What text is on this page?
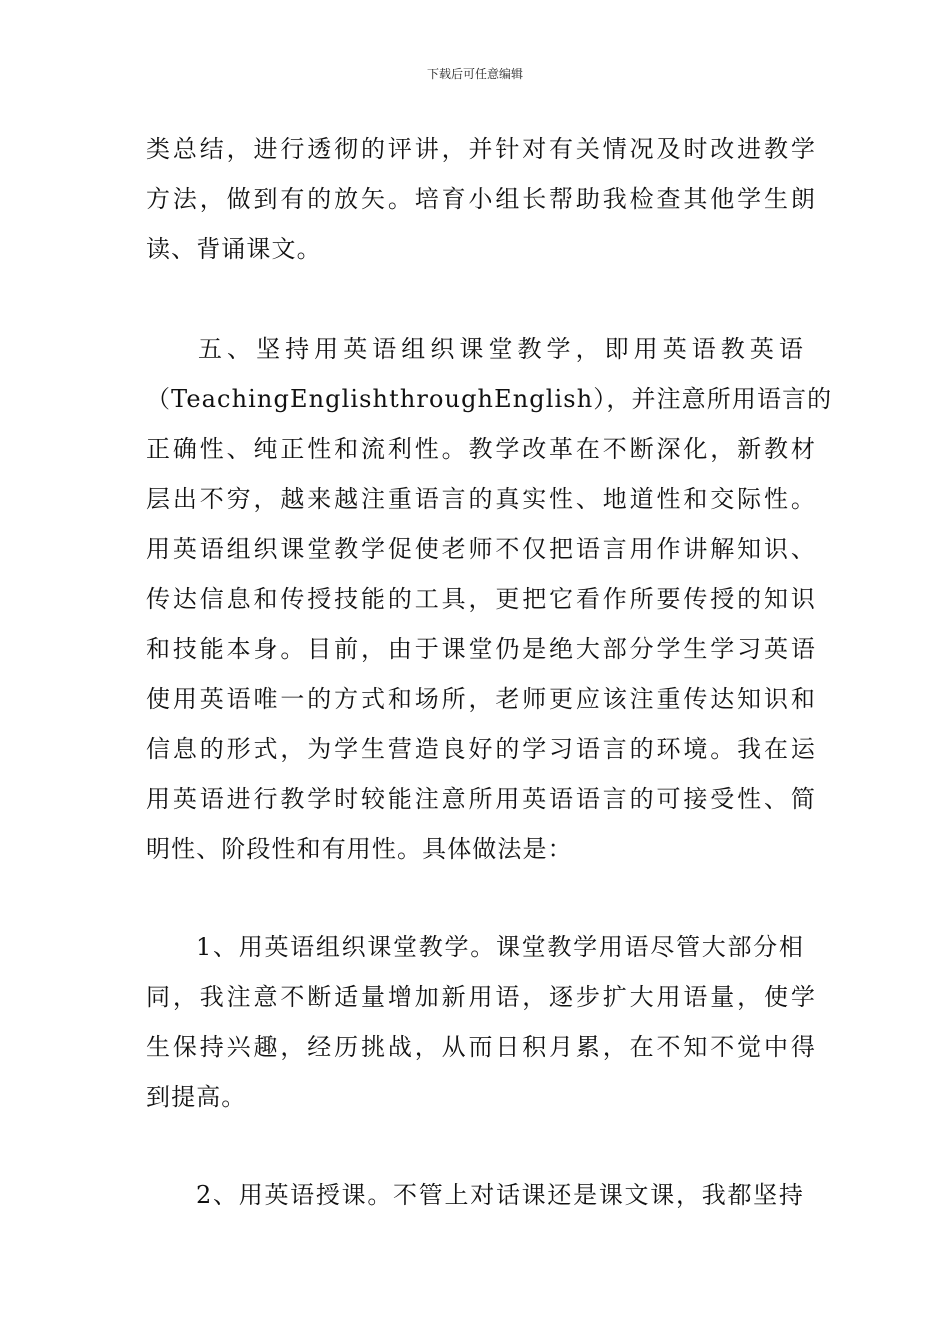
下载后可任意编辑
类总结，进行透彻的评讲，并针对有关情况及时改进教学
方法，做到有的放矢。培育小组长帮助我检查其他学生朗
读、背诵课文。
五、坚持用英语组织课堂教学，即用英语教英语
（TeachingEnglishthroughEnglish），并注意所用语言的
正确性、纯正性和流利性。教学改革在不断深化，新教材
层出不穷，越来越注重语言的真实性、地道性和交际性。
用英语组织课堂教学促使老师不仅把语言用作讲解知识、
传达信息和传授技能的工具，更把它看作所要传授的知识
和技能本身。目前，由于课堂仍是绝大部分学生学习英语
使用英语唯一的方式和场所，老师更应该注重传达知识和
信息的形式，为学生营造良好的学习语言的环境。我在运
用英语进行教学时较能注意所用英语语言的可接受性、简
明性、阶段性和有用性。具体做法是：
1、用英语组织课堂教学。课堂教学用语尽管大部分相
同，我注意不断适量增加新用语，逐步扩大用语量，使学
生保持兴趣，经历挑战，从而日积月累，在不知不觉中得
到提高。
2、用英语授课。不管上对话课还是课文课，我都坚持
